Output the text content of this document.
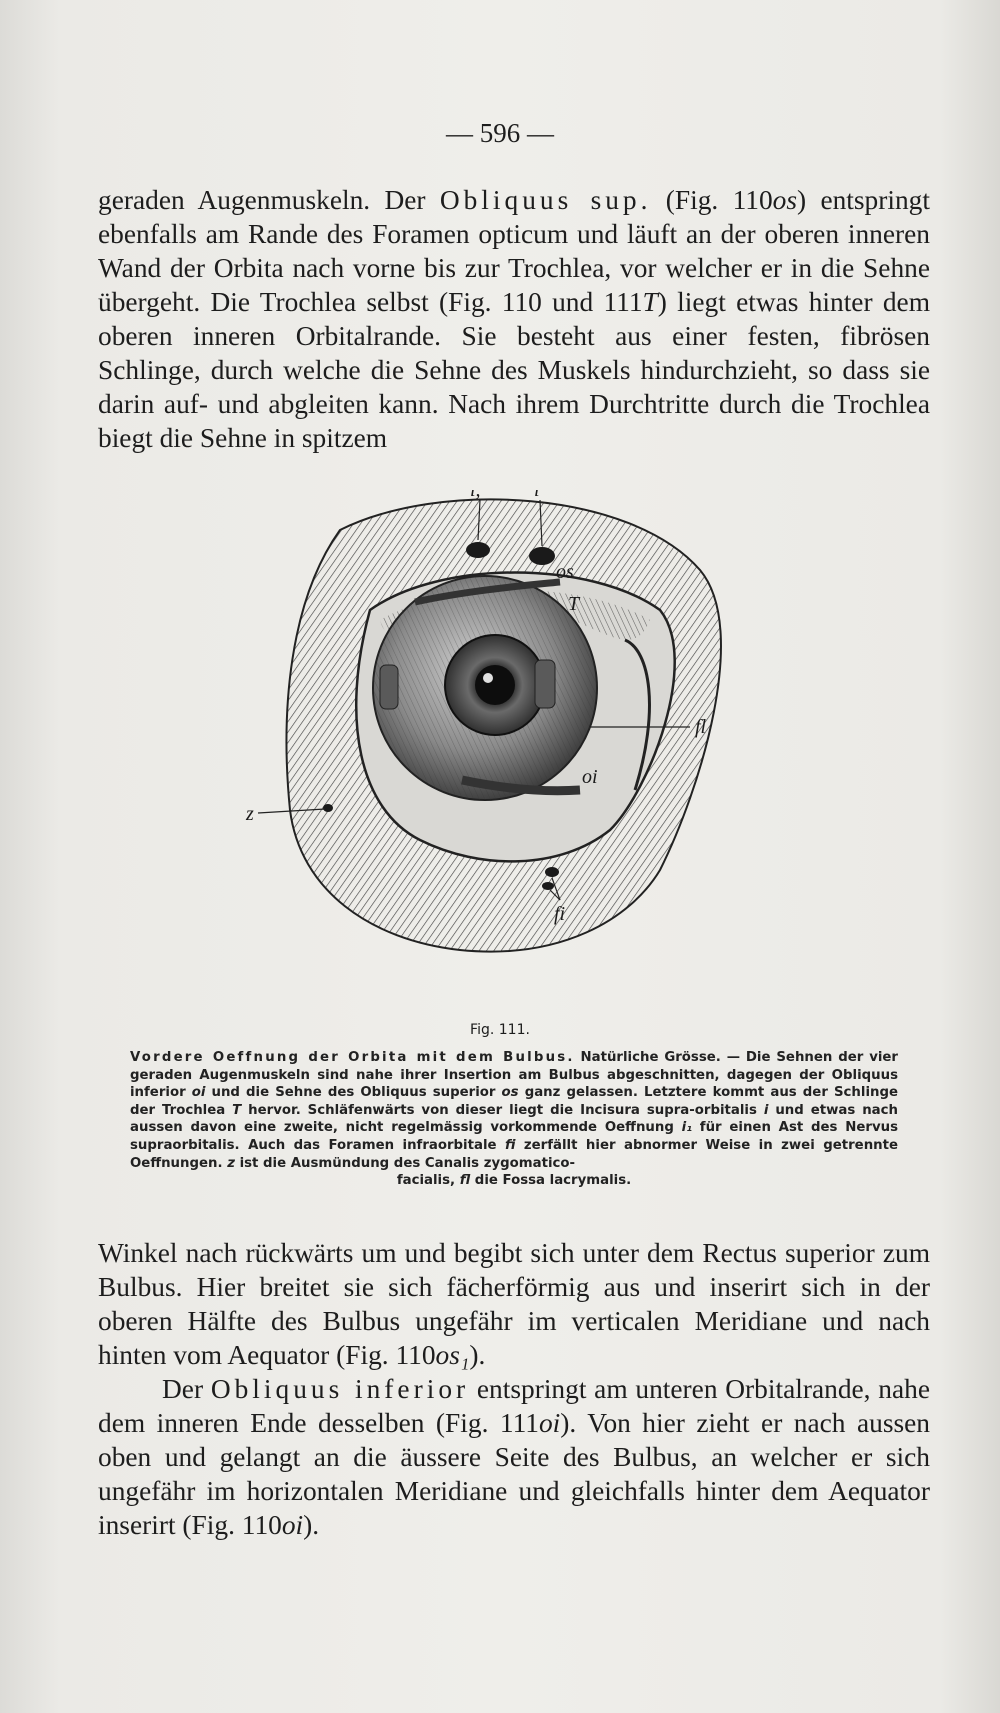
— 596 —

geraden Augenmuskeln. Der Obliquus sup. (Fig. 110os) entspringt ebenfalls am Rande des Foramen opticum und läuft an der oberen inneren Wand der Orbita nach vorne bis zur Trochlea, vor welcher er in die Sehne übergeht. Die Trochlea selbst (Fig. 110 und 111T) liegt etwas hinter dem oberen inneren Orbitalrande. Sie besteht aus einer festen, fibrösen Schlinge, durch welche die Sehne des Muskels hindurchzieht, so dass sie darin auf- und abgleiten kann. Nach ihrem Durchtritte durch die Trochlea biegt die Sehne in spitzem

i,	i
os
T
fl
oi
z
fi
Fig. 111.
Vordere Oeffnung der Orbita mit dem Bulbus. Natürliche Grösse. — Die Sehnen der vier geraden Augenmuskeln sind nahe ihrer Insertion am Bulbus abgeschnitten, dagegen der Obliquus inferior oi und die Sehne des Obliquus superior os ganz gelassen. Letztere kommt aus der Schlinge der Trochlea T hervor. Schläfenwärts von dieser liegt die Incisura supra-orbitalis i und etwas nach aussen davon eine zweite, nicht regelmässig vorkommende Oeffnung i₁ für einen Ast des Nervus supraorbitalis. Auch das Foramen infraorbitale fi zerfällt hier abnormer Weise in zwei getrennte Oeffnungen. z ist die Ausmündung des Canalis zygomatico-
facialis, fl die Fossa lacrymalis.

Winkel nach rückwärts um und begibt sich unter dem Rectus superior zum Bulbus. Hier breitet sie sich fächerförmig aus und inserirt sich in der oberen Hälfte des Bulbus ungefähr im verticalen Meridiane und nach hinten vom Aequator (Fig. 110os₁).

Der Obliquus inferior entspringt am unteren Orbitalrande, nahe dem inneren Ende desselben (Fig. 111oi). Von hier zieht er nach aussen oben und gelangt an die äussere Seite des Bulbus, an welcher er sich ungefähr im horizontalen Meridiane und gleichfalls hinter dem Aequator inserirt (Fig. 110oi).
